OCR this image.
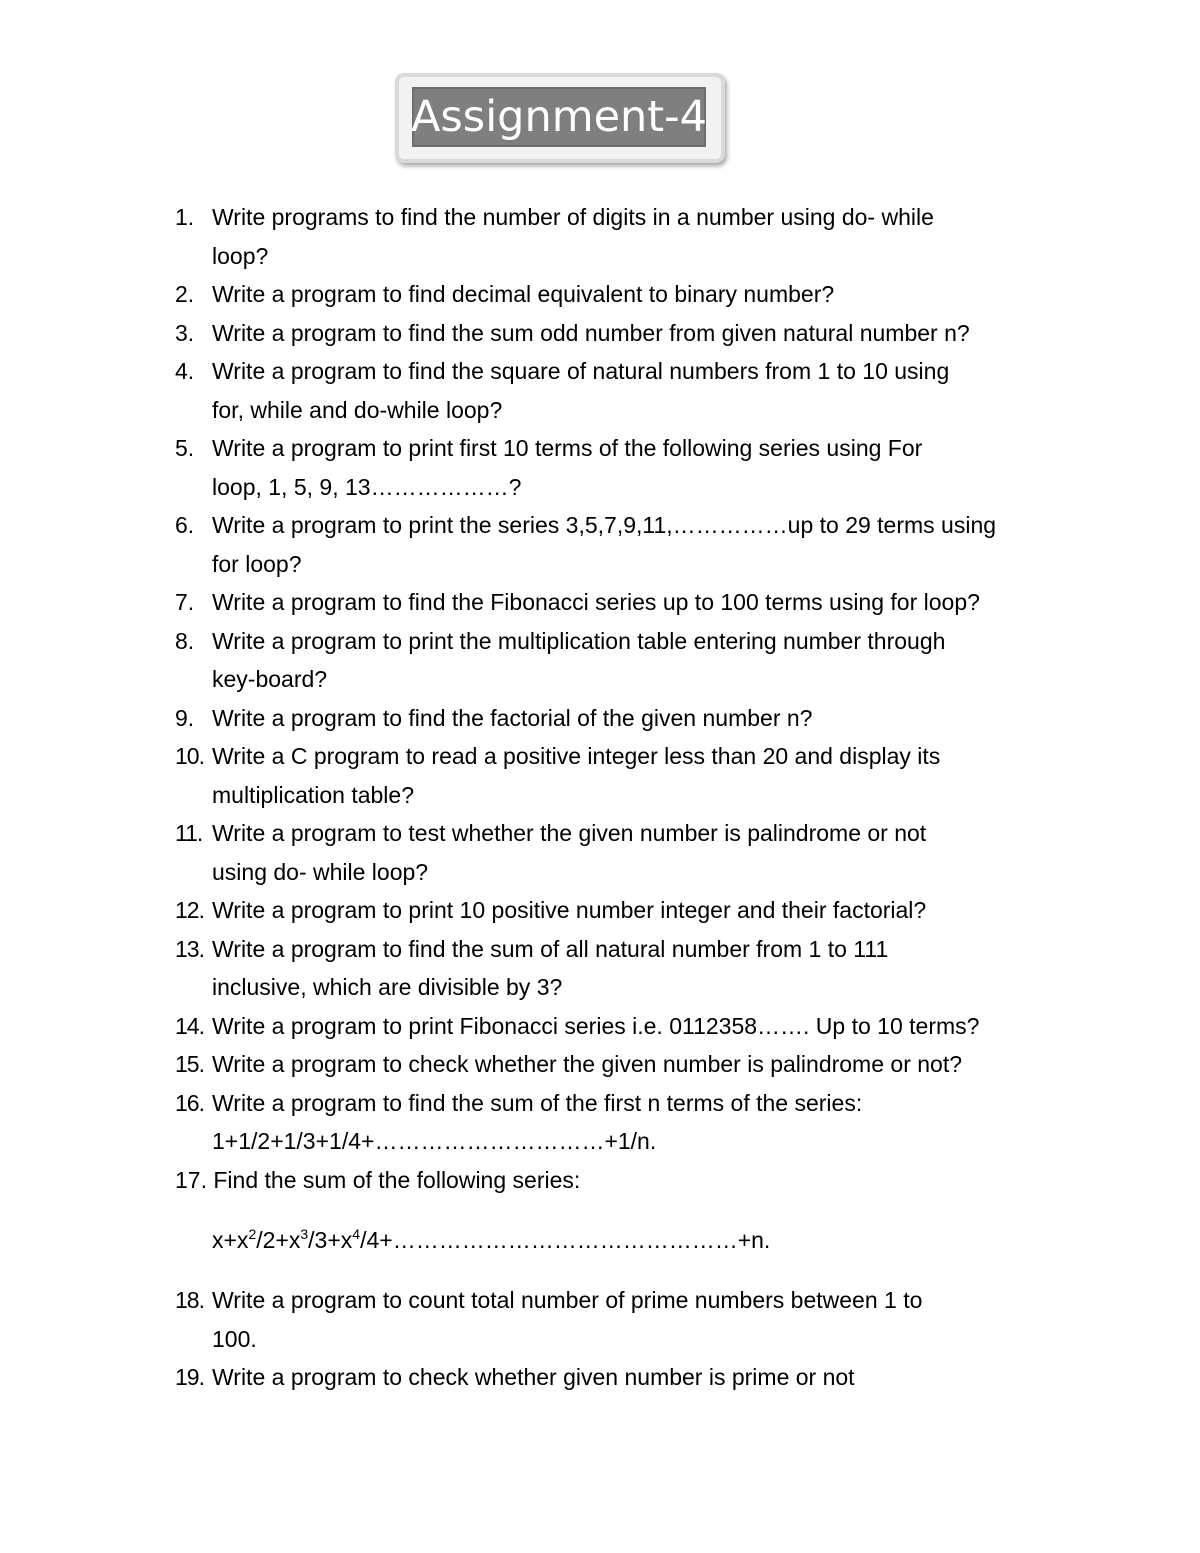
Assignment-4
1. Write programs to find the number of digits in a number using do- while
loop?
2. Write a program to find decimal equivalent to binary number?
3. Write a program to find the sum odd number from given natural number n?
4. Write a program to find the square of natural numbers from 1 to 10 using
for, while and do-while loop?
5. Write a program to print first 10 terms of the following series using For
loop, 1, 5, 9, 13………………?
6. Write a program to print the series 3,5,7,9,11,……………up to 29 terms using
for loop?
7. Write a program to find the Fibonacci series up to 100 terms using for loop?
8. Write a program to print the multiplication table entering number through
key-board?
9. Write a program to find the factorial of the given number n?
10. Write a C program to read a positive integer less than 20 and display its
multiplication table?
11. Write a program to test whether the given number is palindrome or not
using do- while loop?
12. Write a program to print 10 positive number integer and their factorial?
13. Write a program to find the sum of all natural number from 1 to 111
inclusive, which are divisible by 3?
14. Write a program to print Fibonacci series i.e. 0112358……. Up to 10 terms?
15. Write a program to check whether the given number is palindrome or not?
16. Write a program to find the sum of the first n terms of the series:
1+1/2+1/3+1/4+…………………………+1/n.
17. Find the sum of the following series:
$x+x^2/2+x^3/3+x^4/4+\dots\dots\dots\dots\dots\dots\dots\dots\dots\dots\dots\dots\dots\dots\dots+n$.
18. Write a program to count total number of prime numbers between 1 to
100.
19. Write a program to check whether given number is prime or not
